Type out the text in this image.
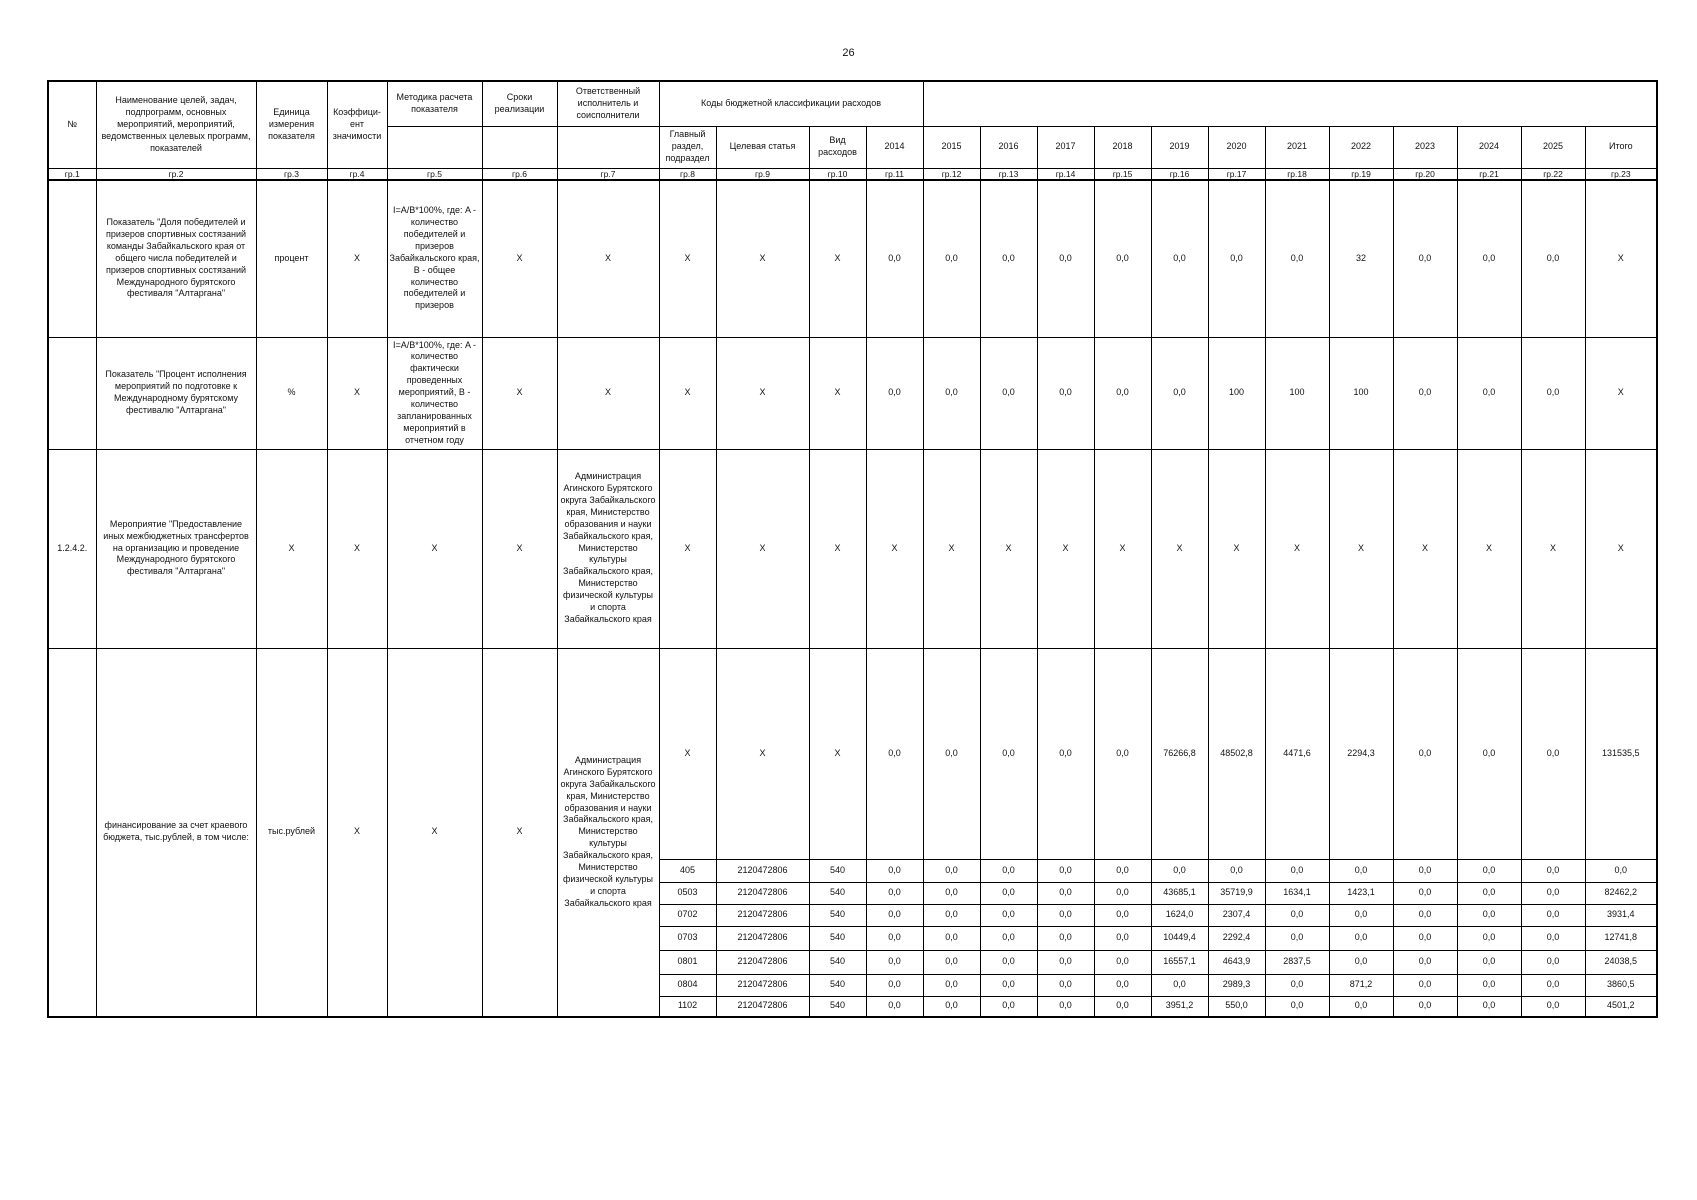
26
№	Наименование целей, задач, подпрограмм, основных мероприятий, мероприятий, ведомственных целевых программ, показателей	Единица измерения показателя	Коэффици-ент значимости	Методика расчета показателя	Сроки реализации	Ответственный исполнитель и соисполнители	Коды бюджетной классификации расходов															
							Главный раздел, подраздел	Целевая статья	Вид расходов	2014	2015	2016	2017	2018	2019	2020	2021	2022	2023	2024	2025	Итого
гр.1	гр.2	гр.3	гр.4	гр.5	гр.6	гр.7	гр.8	гр.9	гр.10	гр.11	гр.12	гр.13	гр.14	гр.15	гр.16	гр.17	гр.18	гр.19	гр.20	гр.21	гр.22	гр.23
	Показатель "Доля победителей и призеров спортивных состязаний команды Забайкальского края от общего числа победителей и призеров спортивных состязаний Международного бурятского фестиваля "Алтаргана"	процент	X	I=A/B*100%, где: A - количество победителей и призеров Забайкальского края, B - общее количество победителей и призеров	X	X	X	X	X	0,0	0,0	0,0	0,0	0,0	0,0	0,0	0,0	32	0,0	0,0	0,0	X
	Показатель "Процент исполнения мероприятий по подготовке к Международному бурятскому фестивалю "Алтаргана"	%	X	I=A/B*100%, где: A - количество фактически проведенных мероприятий, B - количество запланированных мероприятий в отчетном году	X	X	X	X	X	0,0	0,0	0,0	0,0	0,0	0,0	100	100	100	0,0	0,0	0,0	X
1.2.4.2.	Мероприятие "Предоставление иных межбюджетных трансфертов на организацию и проведение Международного бурятского фестиваля "Алтаргана"	X	X	X	X	Администрация Агинского Бурятского округа Забайкальского края, Министерство образования и науки Забайкальского края, Министерство культуры Забайкальского края, Министерство физической культуры и спорта Забайкальского края	X	X	X	X	X	X	X	X	X	X	X	X	X	X	X	X
	финансирование за счет краевого бюджета, тыс.рублей, в том числе:	тыс.рублей	X	X	X	Администрация Агинского Бурятского округа Забайкальского края, Министерство образования и науки Забайкальского края, Министерство культуры Забайкальского края, Министерство физической культуры и спорта Забайкальского края	X	X	X	0,0	0,0	0,0	0,0	0,0	76266,8	48502,8	4471,6	2294,3	0,0	0,0	0,0	131535,5
							405	2120472806	540	0,0	0,0	0,0	0,0	0,0	0,0	0,0	0,0	0,0	0,0	0,0	0,0	0,0
							0503	2120472806	540	0,0	0,0	0,0	0,0	0,0	43685,1	35719,9	1634,1	1423,1	0,0	0,0	0,0	82462,2
							0702	2120472806	540	0,0	0,0	0,0	0,0	0,0	1624,0	2307,4	0,0	0,0	0,0	0,0	0,0	3931,4
							0703	2120472806	540	0,0	0,0	0,0	0,0	0,0	10449,4	2292,4	0,0	0,0	0,0	0,0	0,0	12741,8
							0801	2120472806	540	0,0	0,0	0,0	0,0	0,0	16557,1	4643,9	2837,5	0,0	0,0	0,0	0,0	24038,5
							0804	2120472806	540	0,0	0,0	0,0	0,0	0,0	0,0	2989,3	0,0	871,2	0,0	0,0	0,0	3860,5
							1102	2120472806	540	0,0	0,0	0,0	0,0	0,0	3951,2	550,0	0,0	0,0	0,0	0,0	0,0	4501,2
